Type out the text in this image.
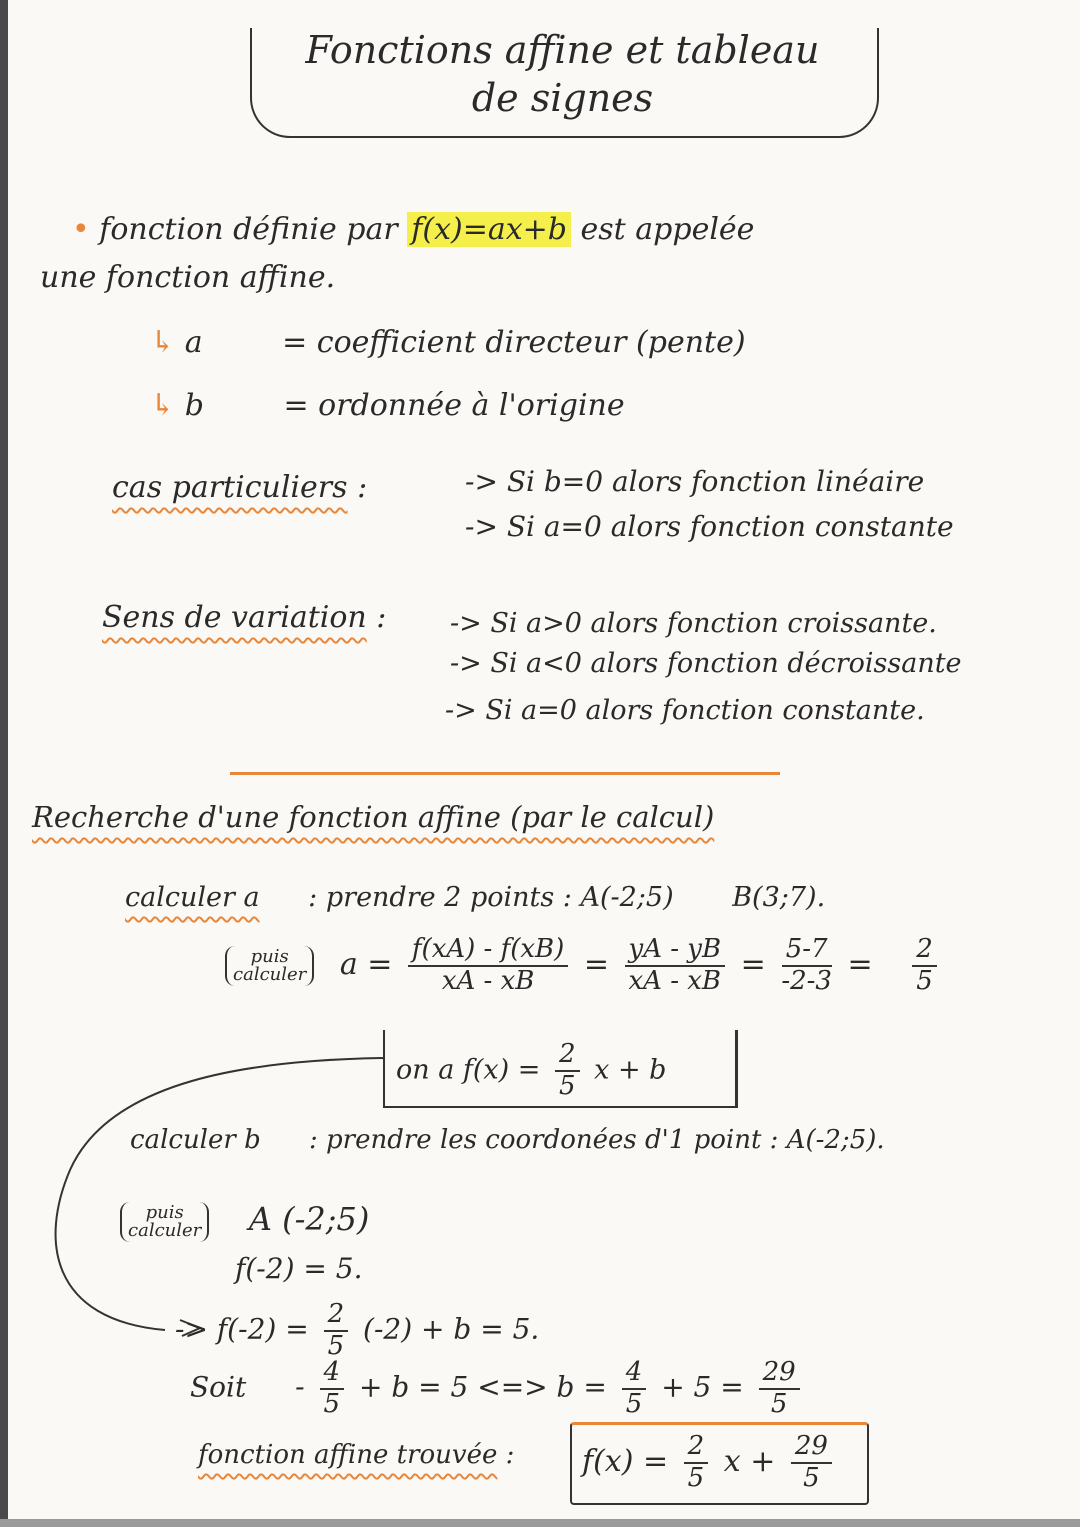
Fonctions affine et tableau
de signes
• fonction définie par f(x)=ax+b est appelée
une fonction affine.
↳ a	= coefficient directeur (pente)
↳ b	= ordonnée à l'origine
cas particuliers :	-> Si b=0 alors fonction linéaire
-> Si a=0 alors fonction constante
Sens de variation : -> Si a>0 alors fonction croissante.
-> Si a<0 alors fonction décroissante
-> Si a=0 alors fonction constante.
Recherche d'une fonction affine (par le calcul)
calculer a : prendre 2 points : A(-2;5) B(3;7).
puis
calculer $a = \frac{f(xA) - f(xB)}{xA - xB} = \frac{yA - yB}{xA - xB} = \frac{5-7}{-2-3} = \frac{2}{5}$
on a $f(x) = \frac{2}{5}$ x + b
calculer b : prendre les coordonées d'1 point : A(-2;5).
puis
calculer A (-2;5)
f(-2) = 5.
-> $f(-2) = \frac{2}{5} (-2) + b = 5$.
Soit - $\frac{4}{5} + b = 5$ <=> $b = \frac{4}{5} + 5 = \frac{29}{5}$
fonction affine trouvée : $f(x) = \frac{2}{5}$ $x + \frac{29}{5}$
